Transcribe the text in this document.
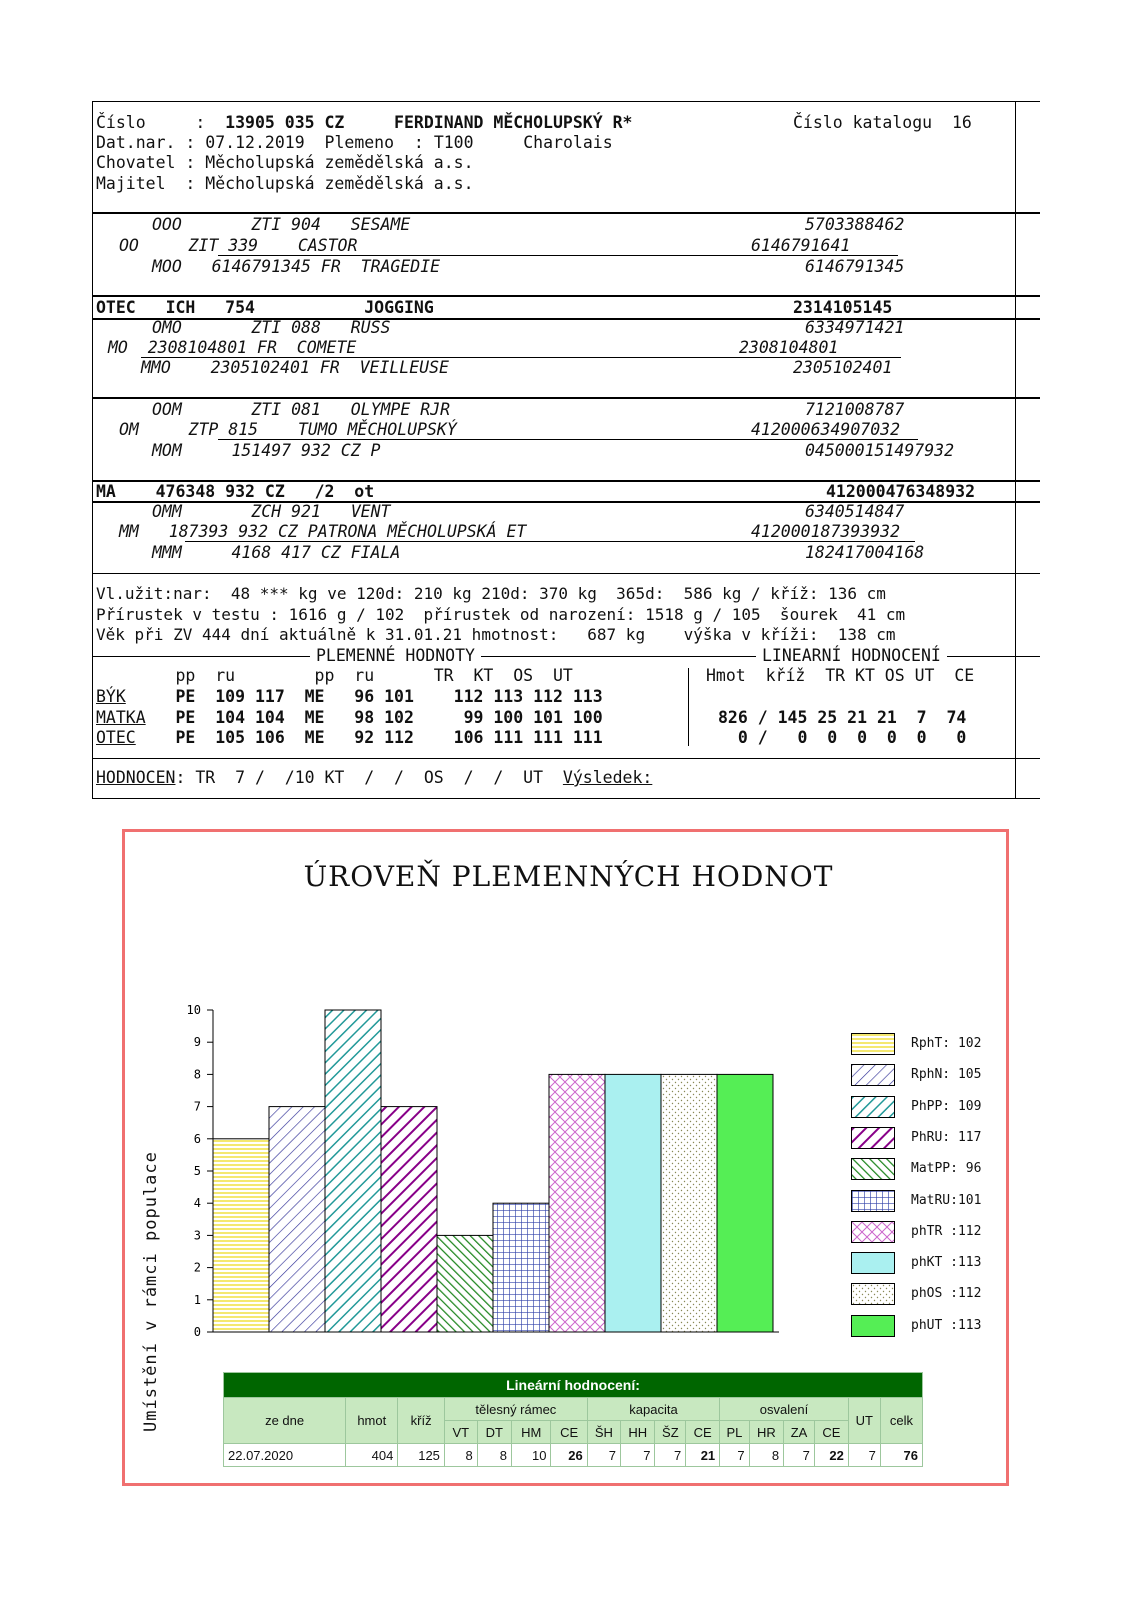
Číslo     :  13905 035 CZ	FERDINAND MĚCHOLUPSKÝ R*	Číslo katalogu 16
Dat.nar. : 07.12.2019 Plemeno  : T100	Charolais
Chovatel : Měcholupská zemědělská a.s.
Majitel  : Měcholupská zemědělská a.s.
OOO	ZTI 904   SESAME	5703388462
OO	ZIT 339    CASTOR	6146791641
MOO 6146791345 FR  TRAGEDIE	6146791345
OTEC ICH   754           JOGGING	2314105145
OMO	ZTI 088   RUSS	6334971421
MO 2308104801 FR  COMETE	2308104801
MMO 2305102401 FR  VEILLEUSE	2305102401
OOM	ZTI 081   OLYMPE RJR	7121008787
OM	ZTP 815    TUMO MĚCHOLUPSKÝ	412000634907032
MOM	151497 932 CZ P	045000151497932
MA 476348 932 CZ   /2  ot	412000476348932
OMM	ZCH 921   VENT	6340514847
MM 187393 932 CZ PATRONA MĚCHOLUPSKÁ ET	412000187393932
MMM	4168 417 CZ FIALA	182417004168
Vl.užit:nar:  48 *** kg ve 120d: 210 kg 210d: 370 kg  365d:  586 kg / kříž: 136 cm
Přírustek v testu : 1616 g / 102  přírustek od narození: 1518 g / 105  šourek  41 cm
Věk při ZV 444 dní aktuálně k 31.01.21 hmotnost:   687 kg    výška v kříži:  138 cm
PLEMENNÉ HODNOTY	LINEARNÍ HODNOCENÍ
pp  ru        pp  ru      TR  KT  OS  UT	Hmot  kříž  TR KT OS UT  CE
BÝK	PE  109 117  ME   96 101    112 113 112 113
MATKA PE  104 104  ME   98 102     99 100 101 100	826 / 145 25 21 21  7  74
OTEC PE  105 106  ME   92 112    106 111 111 111	0 /   0  0  0  0  0   0
HODNOCEN: TR  7 /  /10 KT  /  /  OS  /  /  UT  Výsledek:
ÚROVEŇ PLEMENNÝCH HODNOT
Umístění v rámci populace	0
1
2
3
4
5
6
7
8
9
10
RphT: 102
RphN: 105
PhPP: 109
PhRU: 117
MatPP: 96
MatRU:101
phTR :112
phKT :113
phOS :112
phUT :113
Lineární hodnocení:																
ze dne	hmot	kříž	tělesný rámec				kapacita				osvalení				UT	celk
			VT	DT	HM	CE	ŠH	HH	ŠZ	CE	PL	HR	ZA	CE		
22.07.2020	404	125	8	8	10	26	7	7	7	21	7	8	7	22	7	76
